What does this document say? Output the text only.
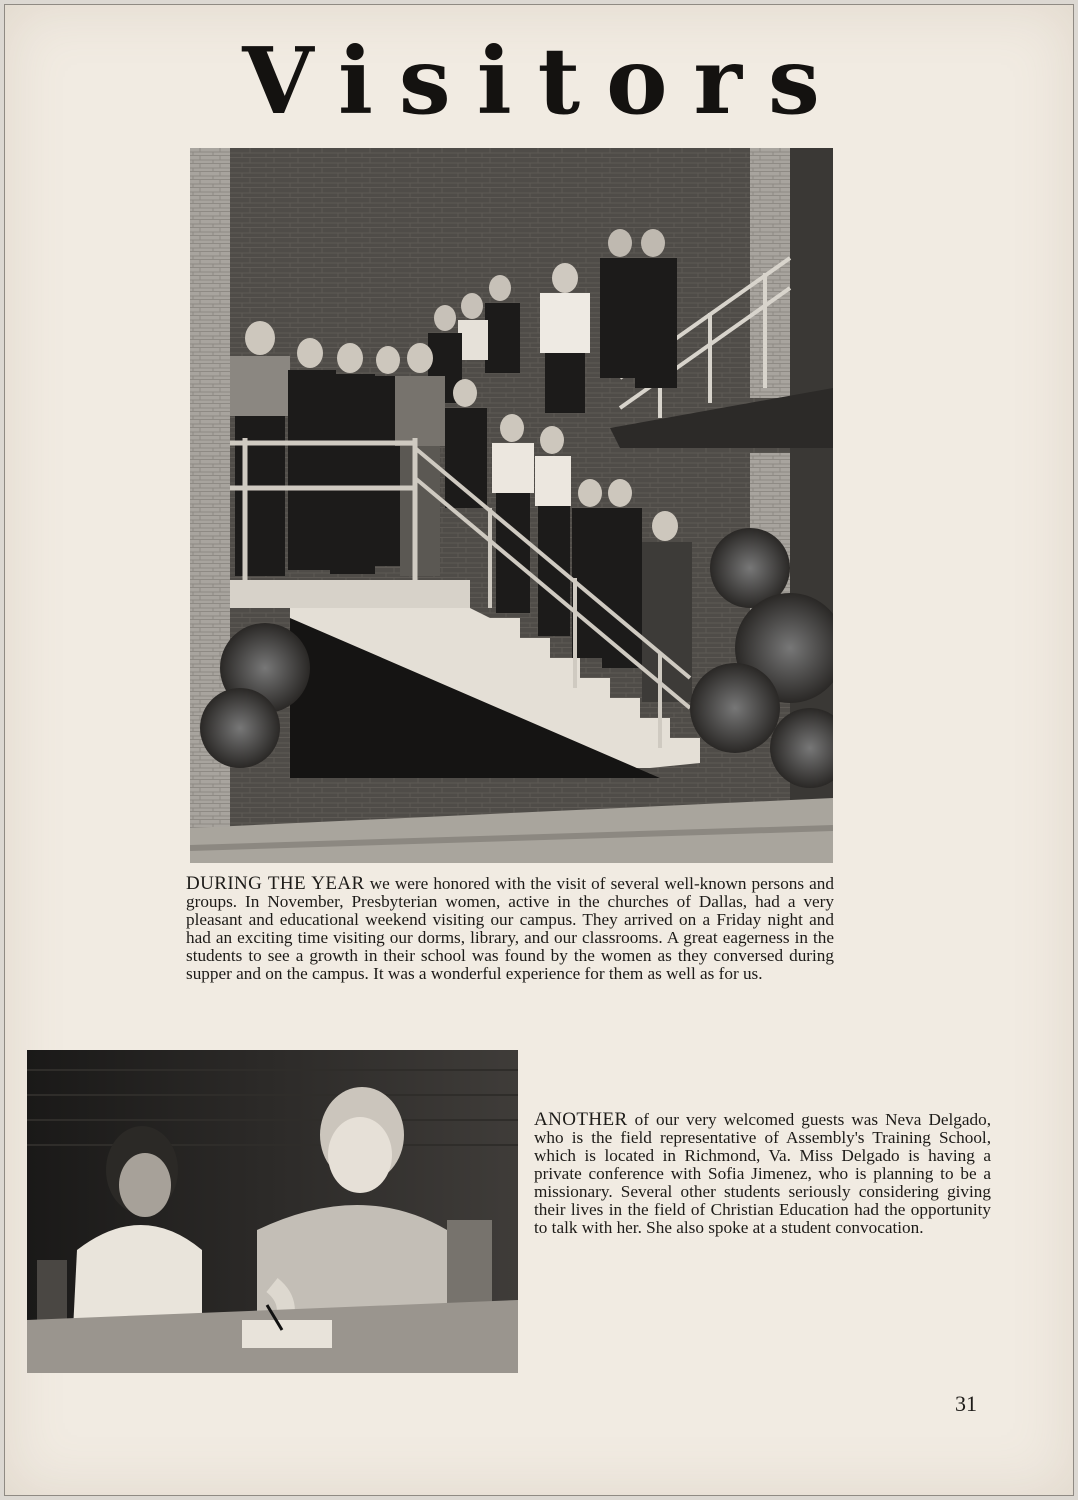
Visitors

DURING THE YEAR we were honored with the visit of several well-known persons and groups. In November, Presbyterian women, active in the churches of Dallas, had a very pleasant and educational weekend visiting our campus. They arrived on a Friday night and had an exciting time visiting our dorms, library, and our classrooms. A great eagerness in the students to see a growth in their school was found by the women as they conversed during supper and on the campus. It was a wonderful experience for them as well as for us.

ANOTHER of our very welcomed guests was Neva Delgado, who is the field representative of Assembly's Training School, which is located in Richmond, Va. Miss Delgado is having a private conference with Sofia Jimenez, who is planning to be a missionary. Several other students seriously considering giving their lives in the field of Christian Education had the opportunity to talk with her. She also spoke at a student convocation.

31
